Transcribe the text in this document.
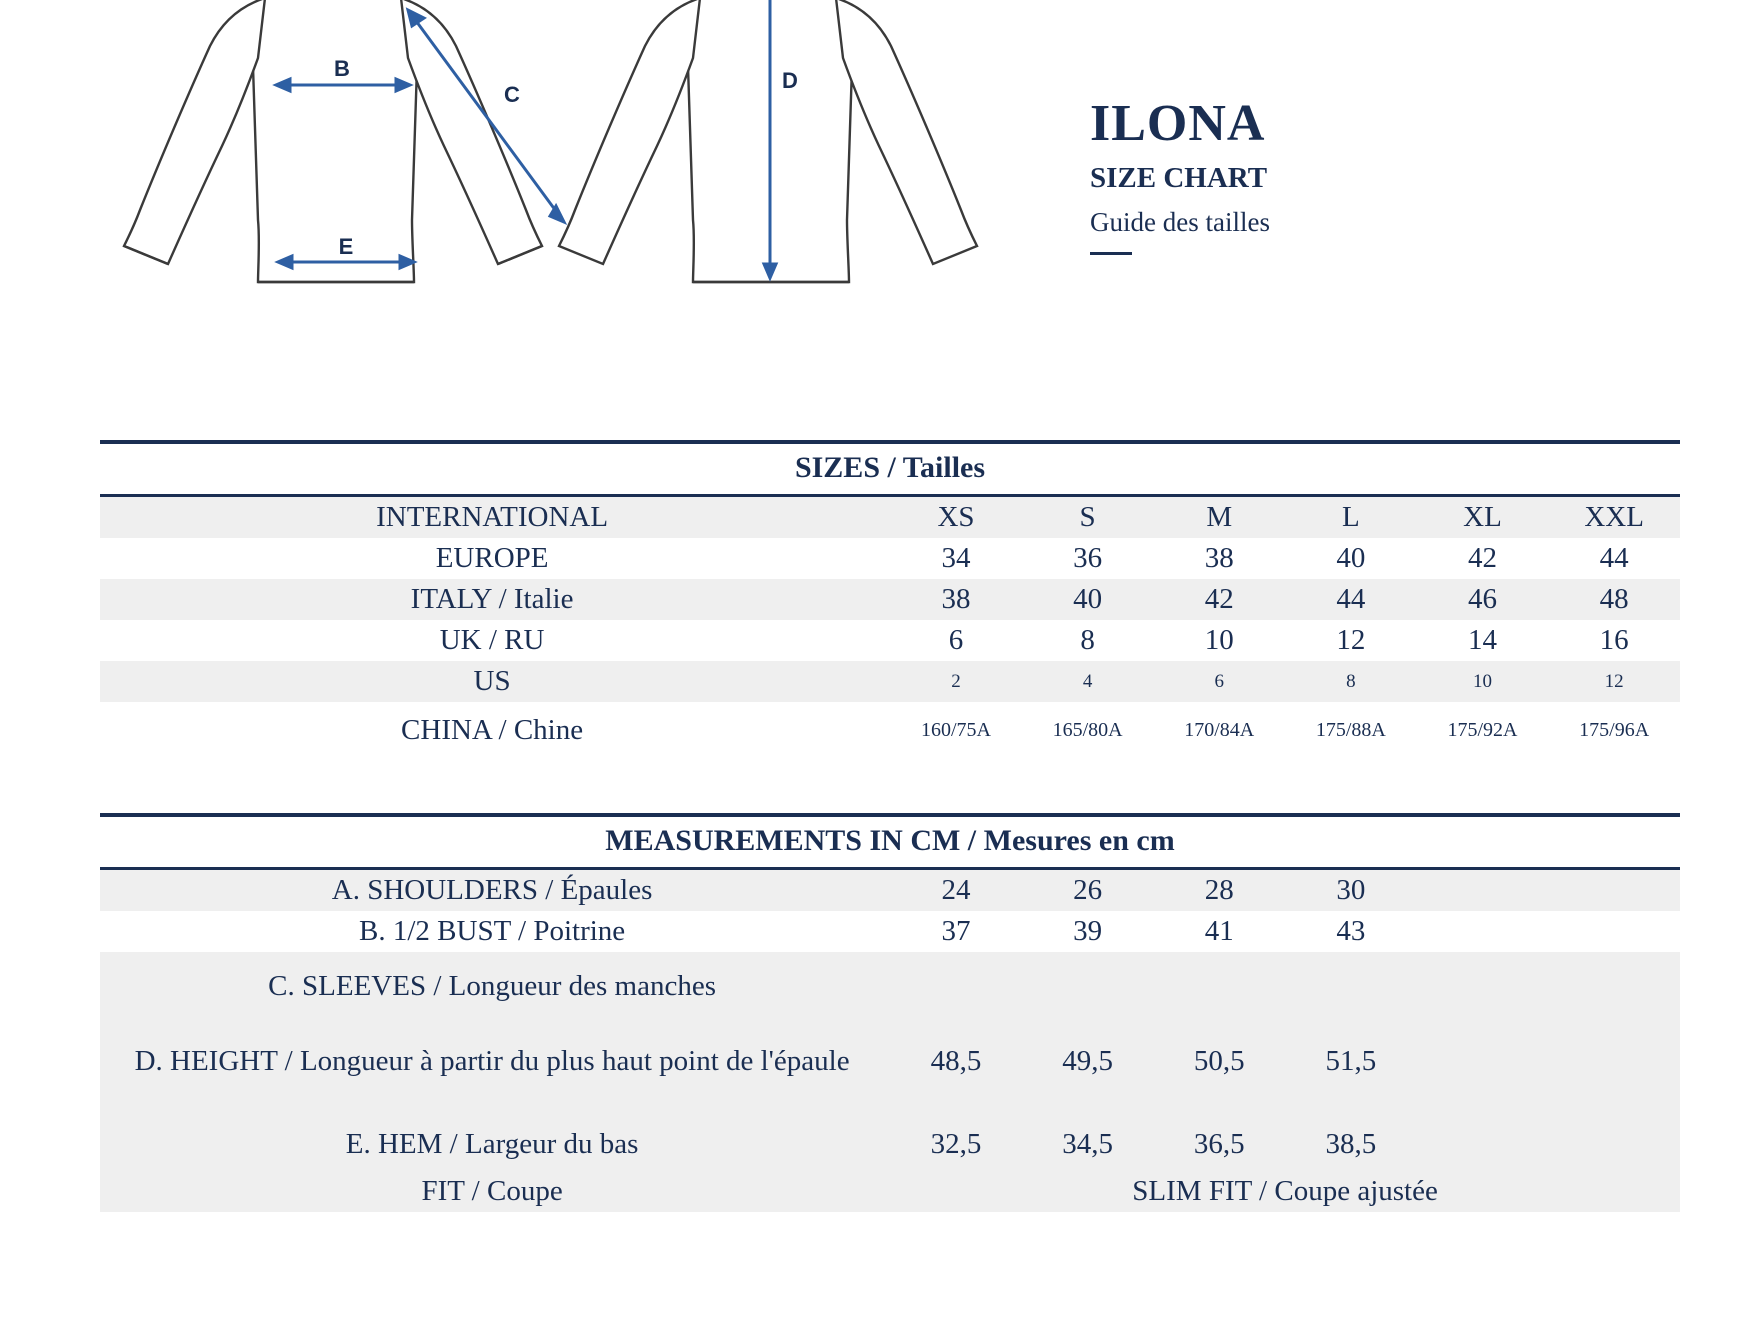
B
C
E
D
ILONA
SIZE CHART
Guide des tailles
SIZES / Tailles						
INTERNATIONAL	XS	S	M	L	XL	XXL
EUROPE	34	36	38	40	42	44
ITALY / Italie	38	40	42	44	46	48
UK / RU	6	8	10	12	14	16
US	2	4	6	8	10	12
CHINA / Chine	160/75A	165/80A	170/84A	175/88A	175/92A	175/96A
MEASUREMENTS IN CM / Mesures en cm						
A. SHOULDERS / Épaules	24	26	28	30		
B. 1/2 BUST / Poitrine	37	39	41	43		
C. SLEEVES / Longueur des manches						
D. HEIGHT / Longueur à partir du plus haut point de l'épaule	48,5	49,5	50,5	51,5		
E. HEM / Largeur du bas	32,5	34,5	36,5	38,5		
FIT / Coupe	SLIM FIT / Coupe ajustée					
